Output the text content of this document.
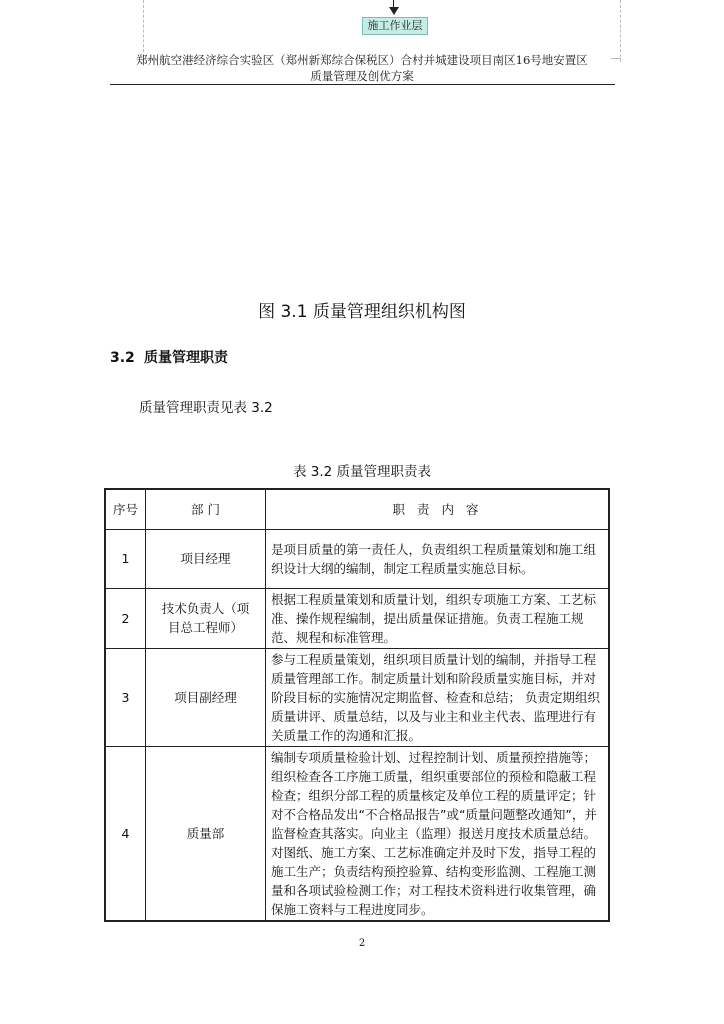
施工作业层
郑州航空港经济综合实验区（郑州新郑综合保税区）合村并城建设项目南区16号地安置区
质量管理及创优方案
图 3.1 质量管理组织机构图
3.2 质量管理职责
质量管理职责见表 3.2
表 3.2 质量管理职责表
序号	部 门	职 责 内 容
1	项目经理	是项目质量的第一责任人，负责组织工程质量策划和施工组织设计大纲的编制，制定工程质量实施总目标。
2	技术负责人（项目总工程师）	根据工程质量策划和质量计划，组织专项施工方案、工艺标准、操作规程编制，提出质量保证措施。负责工程施工规范、规程和标准管理。
3	项目副经理	参与工程质量策划，组织项目质量计划的编制，并指导工程质量管理部工作。制定质量计划和阶段质量实施目标，并对阶段目标的实施情况定期监督、检查和总结； 负责定期组织质量讲评、质量总结，以及与业主和业主代表、监理进行有关质量工作的沟通和汇报。
4	质量部	编制专项质量检验计划、过程控制计划、质量预控措施等；组织检查各工序施工质量，组织重要部位的预检和隐蔽工程检查；组织分部工程的质量核定及单位工程的质量评定；针对不合格品发出“不合格品报告”或“质量问题整改通知”，并监督检查其落实。向业主（监理）报送月度技术质量总结。
对图纸、施工方案、工艺标准确定并及时下发，指导工程的施工生产；负责结构预控验算、结构变形监测、工程施工测量和各项试验检测工作；对工程技术资料进行收集管理，确保施工资料与工程进度同步。
2
